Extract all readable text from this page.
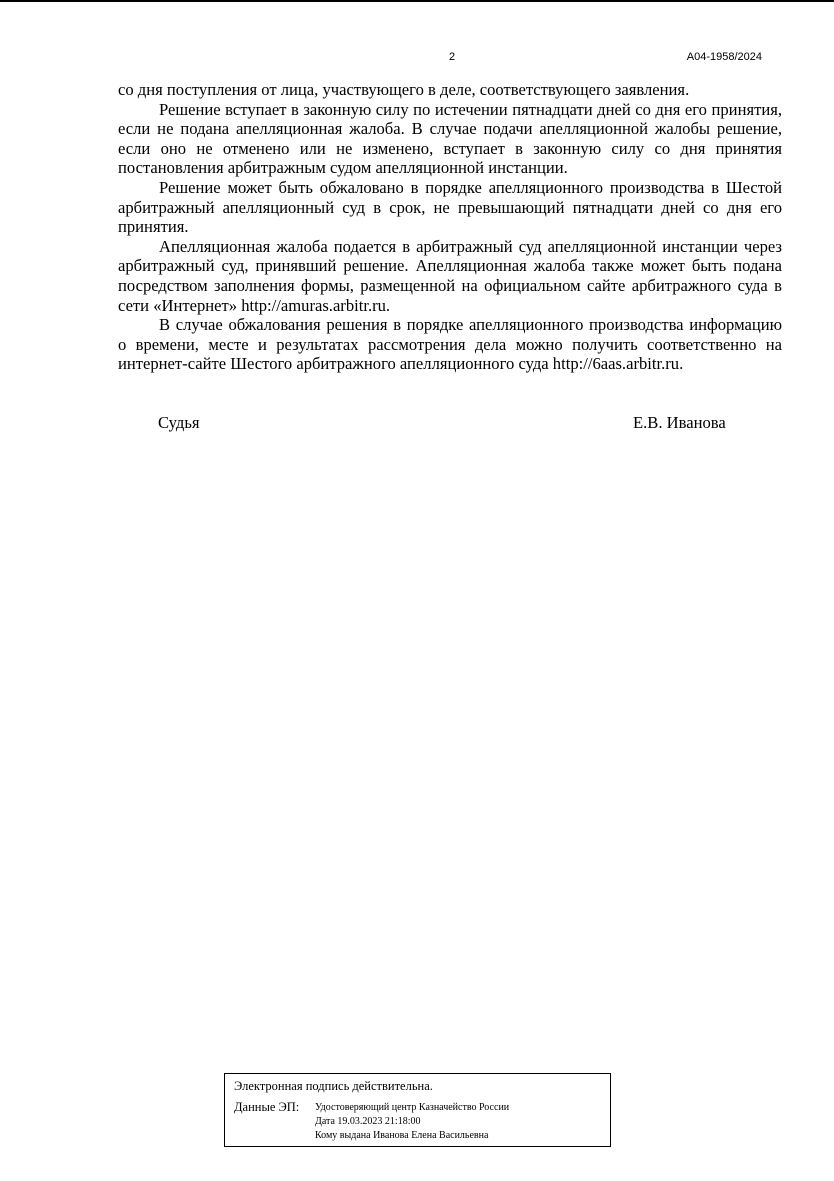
2	А04-1958/2024

со дня поступления от лица, участвующего в деле, соответствующего заявления.

Решение вступает в законную силу по истечении пятнадцати дней со дня его принятия, если не подана апелляционная жалоба. В случае подачи апелляционной жалобы решение, если оно не отменено или не изменено, вступает в законную силу со дня принятия постановления арбитражным судом апелляционной инстанции.

Решение может быть обжаловано в порядке апелляционного производства в Шестой арбитражный апелляционный суд в срок, не превышающий пятнадцати дней со дня его принятия.

Апелляционная жалоба подается в арбитражный суд апелляционной инстанции через арбитражный суд, принявший решение. Апелляционная жалоба также может быть подана посредством заполнения формы, размещенной на официальном сайте арбитражного суда в сети «Интернет» http://amuras.arbitr.ru.

В случае обжалования решения в порядке апелляционного производства информацию о времени, месте и результатах рассмотрения дела можно получить соответственно на интернет-сайте Шестого арбитражного апелляционного суда http://6aas.arbitr.ru.

Судья	Е.В. Иванова
Электронная подпись действительна.
Данные ЭП: Удостоверяющий центр Казначейство России
Дата 19.03.2023 21:18:00
Кому выдана Иванова Елена Васильевна
